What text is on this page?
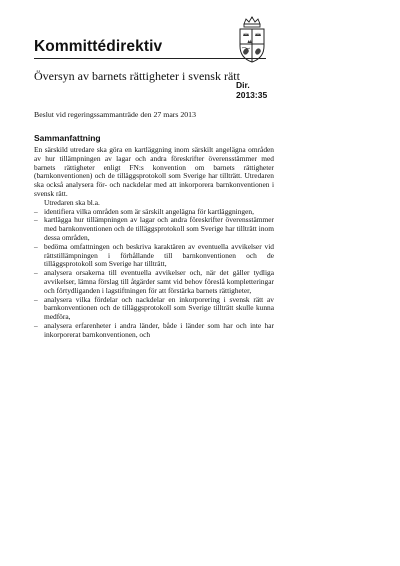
Kommittédirektiv
Översyn av barnets rättigheter i svensk rätt
Dir.
2013:35
Beslut vid regeringssammanträde den 27 mars 2013
Sammanfattning

En särskild utredare ska göra en kartläggning inom särskilt angelägna områden av hur tillämpningen av lagar och andra föreskrifter överensstämmer med barnets rättigheter enligt FN:s konvention om barnets rättigheter (barnkonventionen) och de tilläggsprotokoll som Sverige har tillträtt. Utredaren ska också analysera för- och nackdelar med att inkorporera barnkonventionen i svensk rätt.

Utredaren ska bl.a.

– identifiera vilka områden som är särskilt angelägna för kartläggningen,
– kartlägga hur tillämpningen av lagar och andra föreskrifter överensstämmer med barnkonventionen och de tilläggsprotokoll som Sverige har tillträtt inom dessa områden,
– bedöma omfattningen och beskriva karaktären av eventuella avvikelser vid rättstillämpningen i förhållande till barnkonventionen och de tilläggsprotokoll som Sverige har tillträtt,
– analysera orsakerna till eventuella avvikelser och, när det gäller tydliga avvikelser, lämna förslag till åtgärder samt vid behov föreslå kompletteringar och förtydliganden i lagstiftningen för att förstärka barnets rättigheter,
– analysera vilka fördelar och nackdelar en inkorporering i svensk rätt av barnkonventionen och de tilläggsprotokoll som Sverige tillträtt skulle kunna medföra,
– analysera erfarenheter i andra länder, både i länder som har och inte har inkorporerat barnkonventionen, och
